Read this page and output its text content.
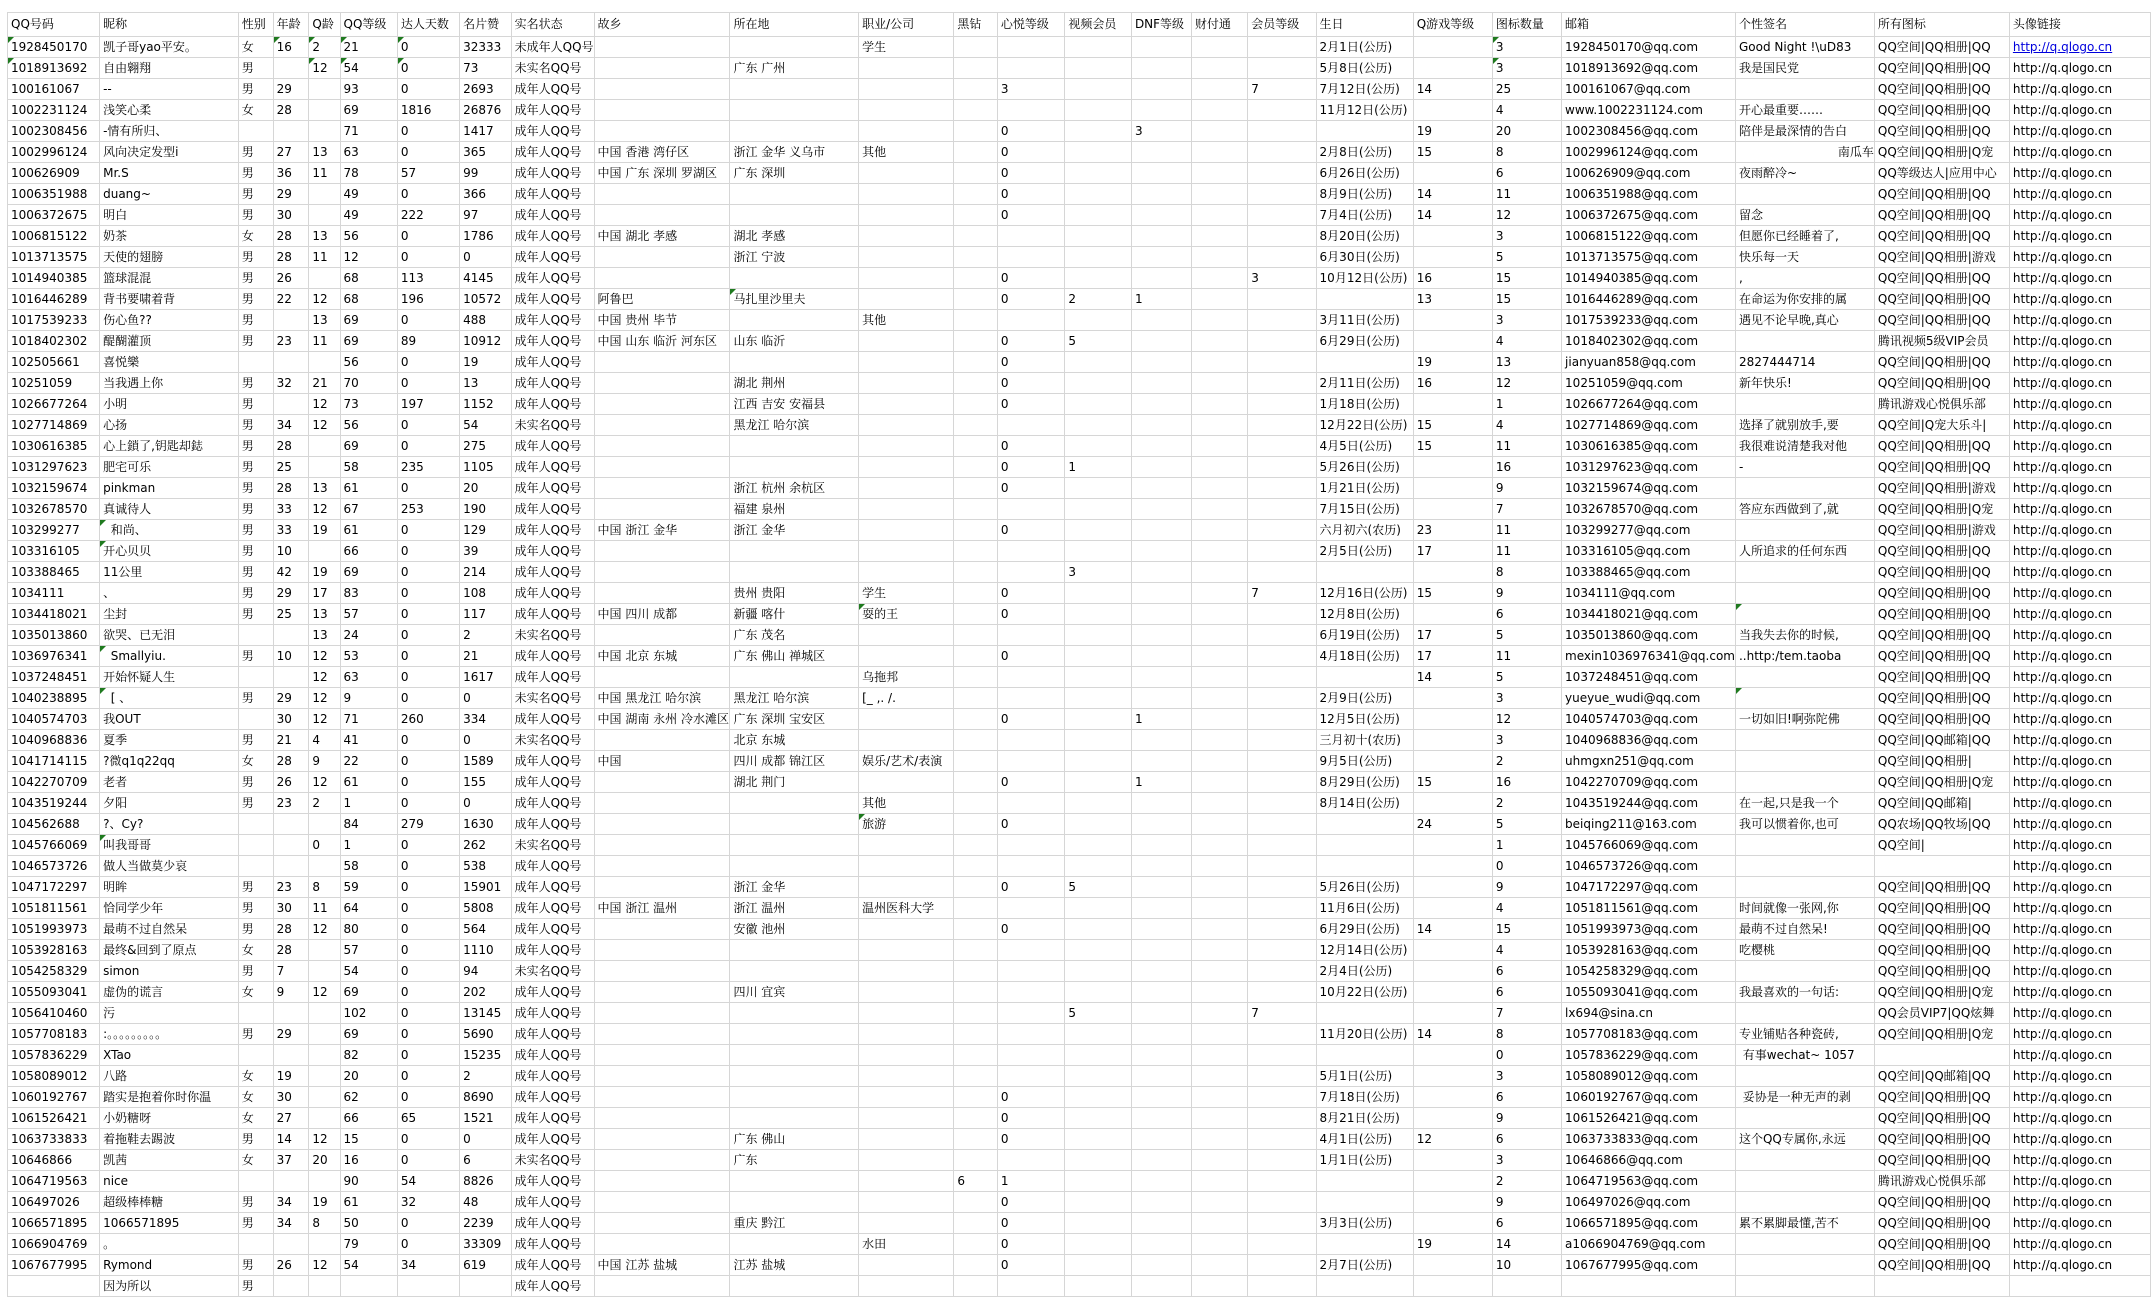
QQ号码	昵称	性别	年龄	Q龄	QQ等级	达人天数	名片赞	实名状态	故乡	所在地	职业/公司	黑钻	心悦等级	视频会员	DNF等级	财付通	会员等级	生日	Q游戏等级	图标数量	邮箱	个性签名	所有图标	头像链接
1928450170	凯子哥yao平安。	女	16	2	21	0	32333	未成年人QQ号			学生							2月1日(公历)		3	1928450170@qq.com	Good Night !\uD83	QQ空间|QQ相册|QQ	http://q.qlogo.cn
1018913692	自由翱翔	男		12	54	0	73	未实名QQ号		广东 广州								5月8日(公历)		3	1018913692@qq.com	我是国民党	QQ空间|QQ相册|QQ	http://q.qlogo.cn
100161067	--	男	29		93	0	2693	成年人QQ号					3				7	7月12日(公历)	14	25	100161067@qq.com		QQ空间|QQ相册|QQ	http://q.qlogo.cn
1002231124	浅笑心柔	女	28		69	1816	26876	成年人QQ号										11月12日(公历)		4	www.1002231124.com	开心最重要……	QQ空间|QQ相册|QQ	http://q.qlogo.cn
1002308456	-情有所归、				71	0	1417	成年人QQ号					0		3				19	20	1002308456@qq.com	陪伴是最深情的告白	QQ空间|QQ相册|QQ	http://q.qlogo.cn
1002996124	风向决定发型i	男	27	13	63	0	365	成年人QQ号	中国 香港 湾仔区	浙江 金华 义乌市	其他		0					2月8日(公历)	15	8	1002996124@qq.com	南瓜车	QQ空间|QQ相册|Q宠	http://q.qlogo.cn
100626909	Mr.S	男	36	11	78	57	99	成年人QQ号	中国 广东 深圳 罗湖区	广东 深圳			0					6月26日(公历)		6	100626909@qq.com	夜雨醉冷~	QQ等级达人|应用中心	http://q.qlogo.cn
1006351988	duang~	男	29		49	0	366	成年人QQ号					0					8月9日(公历)	14	11	1006351988@qq.com		QQ空间|QQ相册|QQ	http://q.qlogo.cn
1006372675	明白	男	30		49	222	97	成年人QQ号					0					7月4日(公历)	14	12	1006372675@qq.com	留念	QQ空间|QQ相册|QQ	http://q.qlogo.cn
1006815122	奶茶	女	28	13	56	0	1786	成年人QQ号	中国 湖北 孝感	湖北 孝感								8月20日(公历)		3	1006815122@qq.com	但愿你已经睡着了,	QQ空间|QQ相册|QQ	http://q.qlogo.cn
1013713575	天使的翅膀	男	28	11	12	0	0	成年人QQ号		浙江 宁波								6月30日(公历)		5	1013713575@qq.com	快乐每一天	QQ空间|QQ相册|游戏	http://q.qlogo.cn
1014940385	篮球混混	男	26		68	113	4145	成年人QQ号					0				3	10月12日(公历)	16	15	1014940385@qq.com	,	QQ空间|QQ相册|QQ	http://q.qlogo.cn
1016446289	背书要啸着背	男	22	12	68	196	10572	成年人QQ号	阿鲁巴	马扎里沙里夫			0	2	1				13	15	1016446289@qq.com	在命运为你安排的属	QQ空间|QQ相册|QQ	http://q.qlogo.cn
1017539233	伤心鱼??	男		13	69	0	488	成年人QQ号	中国 贵州 毕节		其他							3月11日(公历)		3	1017539233@qq.com	遇见不论早晚,真心	QQ空间|QQ相册|QQ	http://q.qlogo.cn
1018402302	醍醐灌顶	男	23	11	69	89	10912	成年人QQ号	中国 山东 临沂 河东区	山东 临沂			0	5				6月29日(公历)		4	1018402302@qq.com		腾讯视频5级VIP会员	http://q.qlogo.cn
102505661	喜悦樂				56	0	19	成年人QQ号					0						19	13	jianyuan858@qq.com	2827444714	QQ空间|QQ相册|QQ	http://q.qlogo.cn
10251059	当我遇上你	男	32	21	70	0	13	成年人QQ号		湖北 荆州			0					2月11日(公历)	16	12	10251059@qq.com	新年快乐!	QQ空间|QQ相册|QQ	http://q.qlogo.cn
1026677264	小明	男		12	73	197	1152	成年人QQ号		江西 吉安 安福县			0					1月18日(公历)		1	1026677264@qq.com		腾讯游戏心悦俱乐部	http://q.qlogo.cn
1027714869	心扬	男	34	12	56	0	54	未实名QQ号		黑龙江 哈尔滨								12月22日(公历)	15	4	1027714869@qq.com	选择了就别放手,要	QQ空间|Q宠大乐斗|	http://q.qlogo.cn
1030616385	心上鎖了,钥匙却鋕	男	28		69	0	275	成年人QQ号					0					4月5日(公历)	15	11	1030616385@qq.com	我很难说清楚我对他	QQ空间|QQ相册|QQ	http://q.qlogo.cn
1031297623	肥宅可乐	男	25		58	235	1105	成年人QQ号					0	1				5月26日(公历)		16	1031297623@qq.com	-	QQ空间|QQ相册|QQ	http://q.qlogo.cn
1032159674	pinkman	男	28	13	61	0	20	成年人QQ号		浙江 杭州 余杭区			0					1月21日(公历)		9	1032159674@qq.com		QQ空间|QQ相册|游戏	http://q.qlogo.cn
1032678570	真诚待人	男	33	12	67	253	190	成年人QQ号		福建 泉州								7月15日(公历)		7	1032678570@qq.com	答应东西做到了,就	QQ空间|QQ相册|Q宠	http://q.qlogo.cn
103299277	和尚、	男	33	19	61	0	129	成年人QQ号	中国 浙江 金华	浙江 金华			0					六月初六(农历)	23	11	103299277@qq.com		QQ空间|QQ相册|游戏	http://q.qlogo.cn
103316105	开心贝贝	男	10		66	0	39	成年人QQ号										2月5日(公历)	17	11	103316105@qq.com	人所追求的任何东西	QQ空间|QQ相册|QQ	http://q.qlogo.cn
103388465	11公里	男	42	19	69	0	214	成年人QQ号						3						8	103388465@qq.com		QQ空间|QQ相册|QQ	http://q.qlogo.cn
1034111	、	男	29	17	83	0	108	成年人QQ号		贵州 贵阳	学生		0				7	12月16日(公历)	15	9	1034111@qq.com		QQ空间|QQ相册|QQ	http://q.qlogo.cn
1034418021	尘封	男	25	13	57	0	117	成年人QQ号	中国 四川 成都	新疆 喀什	耍的王		0					12月8日(公历)		6	1034418021@qq.com		QQ空间|QQ相册|QQ	http://q.qlogo.cn
1035013860	欲哭、已无泪			13	24	0	2	未实名QQ号		广东 茂名								6月19日(公历)	17	5	1035013860@qq.com	当我失去你的时候,	QQ空间|QQ相册|QQ	http://q.qlogo.cn
1036976341	Smallyiu.	男	10	12	53	0	21	成年人QQ号	中国 北京 东城	广东 佛山 禅城区			0					4月18日(公历)	17	11	mexin1036976341@qq.com	..http:/tem.taoba	QQ空间|QQ相册|QQ	http://q.qlogo.cn
1037248451	开始怀疑人生			12	63	0	1617	成年人QQ号			乌拖邦								14	5	1037248451@qq.com		QQ空间|QQ相册|QQ	http://q.qlogo.cn
1040238895	[ 、	男	29	12	9	0	0	未实名QQ号	中国 黑龙江 哈尔滨	黑龙江 哈尔滨	[_ ,. /.							2月9日(公历)		3	yueyue_wudi@qq.com		QQ空间|QQ相册|QQ	http://q.qlogo.cn
1040574703	我OUT		30	12	71	260	334	成年人QQ号	中国 湖南 永州 冷水滩区	广东 深圳 宝安区			0		1			12月5日(公历)		12	1040574703@qq.com	一切如旧!啊弥陀佛	QQ空间|QQ相册|QQ	http://q.qlogo.cn
1040968836	夏季	男	21	4	41	0	0	未实名QQ号		北京 东城								三月初十(农历)		3	1040968836@qq.com		QQ空间|QQ邮箱|QQ	http://q.qlogo.cn
1041714115	?微q1q22qq	女	28	9	22	0	1589	成年人QQ号	中国	四川 成都 锦江区	娱乐/艺术/表演							9月5日(公历)		2	uhmgxn251@qq.com		QQ空间|QQ相册|	http://q.qlogo.cn
1042270709	老者	男	26	12	61	0	155	成年人QQ号		湖北 荆门			0		1			8月29日(公历)	15	16	1042270709@qq.com		QQ空间|QQ相册|Q宠	http://q.qlogo.cn
1043519244	夕阳	男	23	2	1	0	0	成年人QQ号			其他							8月14日(公历)		2	1043519244@qq.com	在一起,只是我一个	QQ空间|QQ邮箱|	http://q.qlogo.cn
104562688	?、Cy?				84	279	1630	成年人QQ号			旅游		0						24	5	beiqing211@163.com	我可以惯着你,也可	QQ农场|QQ牧场|QQ	http://q.qlogo.cn
1045766069	叫我哥哥			0	1	0	262	未实名QQ号												1	1045766069@qq.com		QQ空间|	http://q.qlogo.cn
1046573726	做人当做莫少哀				58	0	538	成年人QQ号												0	1046573726@qq.com			http://q.qlogo.cn
1047172297	明眸	男	23	8	59	0	15901	成年人QQ号		浙江 金华			0	5				5月26日(公历)		9	1047172297@qq.com		QQ空间|QQ相册|QQ	http://q.qlogo.cn
1051811561	恰同学少年	男	30	11	64	0	5808	成年人QQ号	中国 浙江 温州	浙江 温州	温州医科大学							11月6日(公历)		4	1051811561@qq.com	时间就像一张网,你	QQ空间|QQ相册|QQ	http://q.qlogo.cn
1051993973	最萌不过自然呆	男	28	12	80	0	564	成年人QQ号		安徽 池州			0					6月29日(公历)	14	15	1051993973@qq.com	最萌不过自然呆!	QQ空间|QQ相册|QQ	http://q.qlogo.cn
1053928163	最终&回到了原点	女	28		57	0	1110	成年人QQ号										12月14日(公历)		4	1053928163@qq.com	吃樱桃	QQ空间|QQ相册|QQ	http://q.qlogo.cn
1054258329	simon	男	7		54	0	94	未实名QQ号										2月4日(公历)		6	1054258329@qq.com		QQ空间|QQ相册|QQ	http://q.qlogo.cn
1055093041	虚伪的谎言	女	9	12	69	0	202	成年人QQ号		四川 宜宾								10月22日(公历)		6	1055093041@qq.com	我最喜欢的一句话:	QQ空间|QQ相册|Q宠	http://q.qlogo.cn
1056410460	污				102	0	13145	成年人QQ号						5			7			7	lx694@sina.cn		QQ会员VIP7|QQ炫舞	http://q.qlogo.cn
1057708183	:。。。。。。。。。	男	29		69	0	5690	成年人QQ号										11月20日(公历)	14	8	1057708183@qq.com	专业铺贴各种瓷砖,	QQ空间|QQ相册|Q宠	http://q.qlogo.cn
1057836229	XTao				82	0	15235	成年人QQ号												0	1057836229@qq.com	有事wechat~ 1057		http://q.qlogo.cn
1058089012	八路	女	19		20	0	2	成年人QQ号										5月1日(公历)		3	1058089012@qq.com		QQ空间|QQ邮箱|QQ	http://q.qlogo.cn
1060192767	踏实是抱着你时你温	女	30		62	0	8690	成年人QQ号					0					7月18日(公历)		6	1060192767@qq.com	妥协是一种无声的剥	QQ空间|QQ相册|QQ	http://q.qlogo.cn
1061526421	小奶糖呀	女	27		66	65	1521	成年人QQ号					0					8月21日(公历)		9	1061526421@qq.com		QQ空间|QQ相册|QQ	http://q.qlogo.cn
1063733833	着拖鞋去踢波	男	14	12	15	0	0	成年人QQ号		广东 佛山			0					4月1日(公历)	12	6	1063733833@qq.com	这个QQ专属你,永远	QQ空间|QQ相册|QQ	http://q.qlogo.cn
10646866	凯茜	女	37	20	16	0	6	未实名QQ号		广东								1月1日(公历)		3	10646866@qq.com		QQ空间|QQ相册|QQ	http://q.qlogo.cn
1064719563	nice				90	54	8826	成年人QQ号				6	1							2	1064719563@qq.com		腾讯游戏心悦俱乐部	http://q.qlogo.cn
106497026	超级棒棒糖	男	34	19	61	32	48	成年人QQ号					0							9	106497026@qq.com		QQ空间|QQ相册|QQ	http://q.qlogo.cn
1066571895	1066571895	男	34	8	50	0	2239	成年人QQ号		重庆 黔江			0					3月3日(公历)		6	1066571895@qq.com	累不累脚最懂,苦不	QQ空间|QQ相册|QQ	http://q.qlogo.cn
1066904769	。				79	0	33309	成年人QQ号			水田		0						19	14	a1066904769@qq.com		QQ空间|QQ相册|QQ	http://q.qlogo.cn
1067677995	Rymond	男	26	12	54	34	619	成年人QQ号	中国 江苏 盐城	江苏 盐城			0					2月7日(公历)		10	1067677995@qq.com		QQ空间|QQ相册|QQ	http://q.qlogo.cn
	因为所以	男						成年人QQ号																
